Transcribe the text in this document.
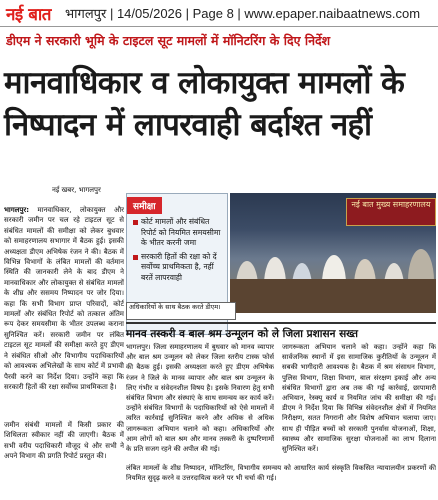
नई बात भागलपुर | 14/05/2026 | Page 8 | www.epaper.naibaatnews.com
डीएम ने सरकारी भूमि के टाइटल सूट मामलों में मॉनिटरिंग के दिए निर्देश
मानवाधिकार व लोकायुक्त मामलों के
निष्पादन में लापरवाही बर्दाश्त नहीं
नई खबर, भागलपुर
भागलपुर: मानवाधिकार, लोकायुक्त और सरकारी जमीन पर चल रहे टाइटल सूट से संबंधित मामलों की समीक्षा को लेकर बुधवार को समाहरणालय सभागार में बैठक हुई। इसकी अध्यक्षता डीएम अभिषेक रंजन ने की। बैठक में विभिन्न विभागों के लंबित मामलों की वर्तमान स्थिति की जानकारी लेने के बाद डीएम ने मानवाधिकार और लोकायुक्त से संबंधित मामलों के शीघ्र और ससमय निष्पादन पर जोर दिया। कहा कि सभी विभाग प्राप्त परिवादों, कोर्ट मामलों और संबंधित रिपोर्ट को तत्काल अंतिम रूप देकर समयसीमा के भीतर उपलब्ध कराना सुनिश्चित करें। सरकारी जमीन पर लंबित टाइटल सूट मामलों की समीक्षा करते हुए डीएम ने संबंधित सीओ और विभागीय पदाधिकारियों को आवश्यक अभिलेखों के साथ कोर्ट में प्रभावी पैरवी करने का निर्देश दिया। उन्होंने कहा कि सरकारी हितों की रक्षा सर्वोच्च प्राथमिकता है।
समीक्षा
कोर्ट मामलों और संबंधित रिपोर्ट को नियमित समयसीमा के भीतर करनी जमा
सरकारी हितों की रक्षा को दें सर्वोच्च प्राथमिकता है, नहीं बरतें लापरवाही
नई बात मुख्य समाहरणालय
अधिकारियों के साथ बैठक करते डीएम।
मानव तस्करी व बाल श्रम उन्मूलन को ले जिला प्रशासन सख्त
भागलपुर। जिला समाहरणालय में बुधवार को मानव व्यापार और बाल श्रम उन्मूलन को लेकर जिला स्तरीय टास्क फोर्स की बैठक हुई। इसकी अध्यक्षता करते हुए डीएम अभिषेक रंजन ने जिले के मानव व्यापार और बाल श्रम उन्मूलन के लिए गंभीर व संवेदनशील विषय है। इसके निवारण हेतु सभी संबंधित विभाग और संस्थाएं के साथ समन्वय कर कार्य करें। उन्होंने संबंधित विभागों के पदाधिकारियों को ऐसे मामलों में त्वरित कार्रवाई सुनिश्चित करने और अधिक से अधिक जागरूकता अभियान चलाने को कहा। अधिकारियों और आम लोगों को बाल श्रम और मानव तस्करी के दुष्परिणामों के प्रति सजग रहने की अपील की गई।
जागरूकता अभियान चलाने को कहा। उन्होंने कहा कि सार्वजनिक स्थानों में इस सामाजिक कुरीतियों के उन्मूलन में सबकी भागीदारी आवश्यक है। बैठक में श्रम संसाधन विभाग, पुलिस विभाग, शिक्षा विभाग, बाल संरक्षण इकाई और अन्य संबंधित विभागों द्वारा अब तक की गई कार्रवाई, छापामारी अभियान, रेस्क्यू कार्य व नियमित जांच की समीक्षा की गई। डीएम ने निर्देश दिया कि विभिन्न संवेदनशील क्षेत्रों में नियमित निरीक्षण, सतत निगरानी और विशेष अभियान चलाया जाए। साथ ही पीड़ित बच्चों को सरकारी पुनर्वास योजनाओं, शिक्षा, स्वास्थ्य और सामाजिक सुरक्षा योजनाओं का लाभ दिलाना सुनिश्चित करें।
जमीन संबंधी मामलों में किसी प्रकार की शिथिलता स्वीकार नहीं की जाएगी। बैठक में सभी वरीय पदाधिकारी मौजूद थे और सभी ने अपने विभाग की प्रगति रिपोर्ट प्रस्तुत की।
लंबित मामलों के शीघ्र निष्पादन, मॉनिटरिंग, विभागीय समन्वय को आधारित कार्य संस्कृति विकसित न्यायालयीन प्रकरणों की नियमित सुदृढ़ करने व उत्तरदायित्व करने पर भी चर्चा की गई।
